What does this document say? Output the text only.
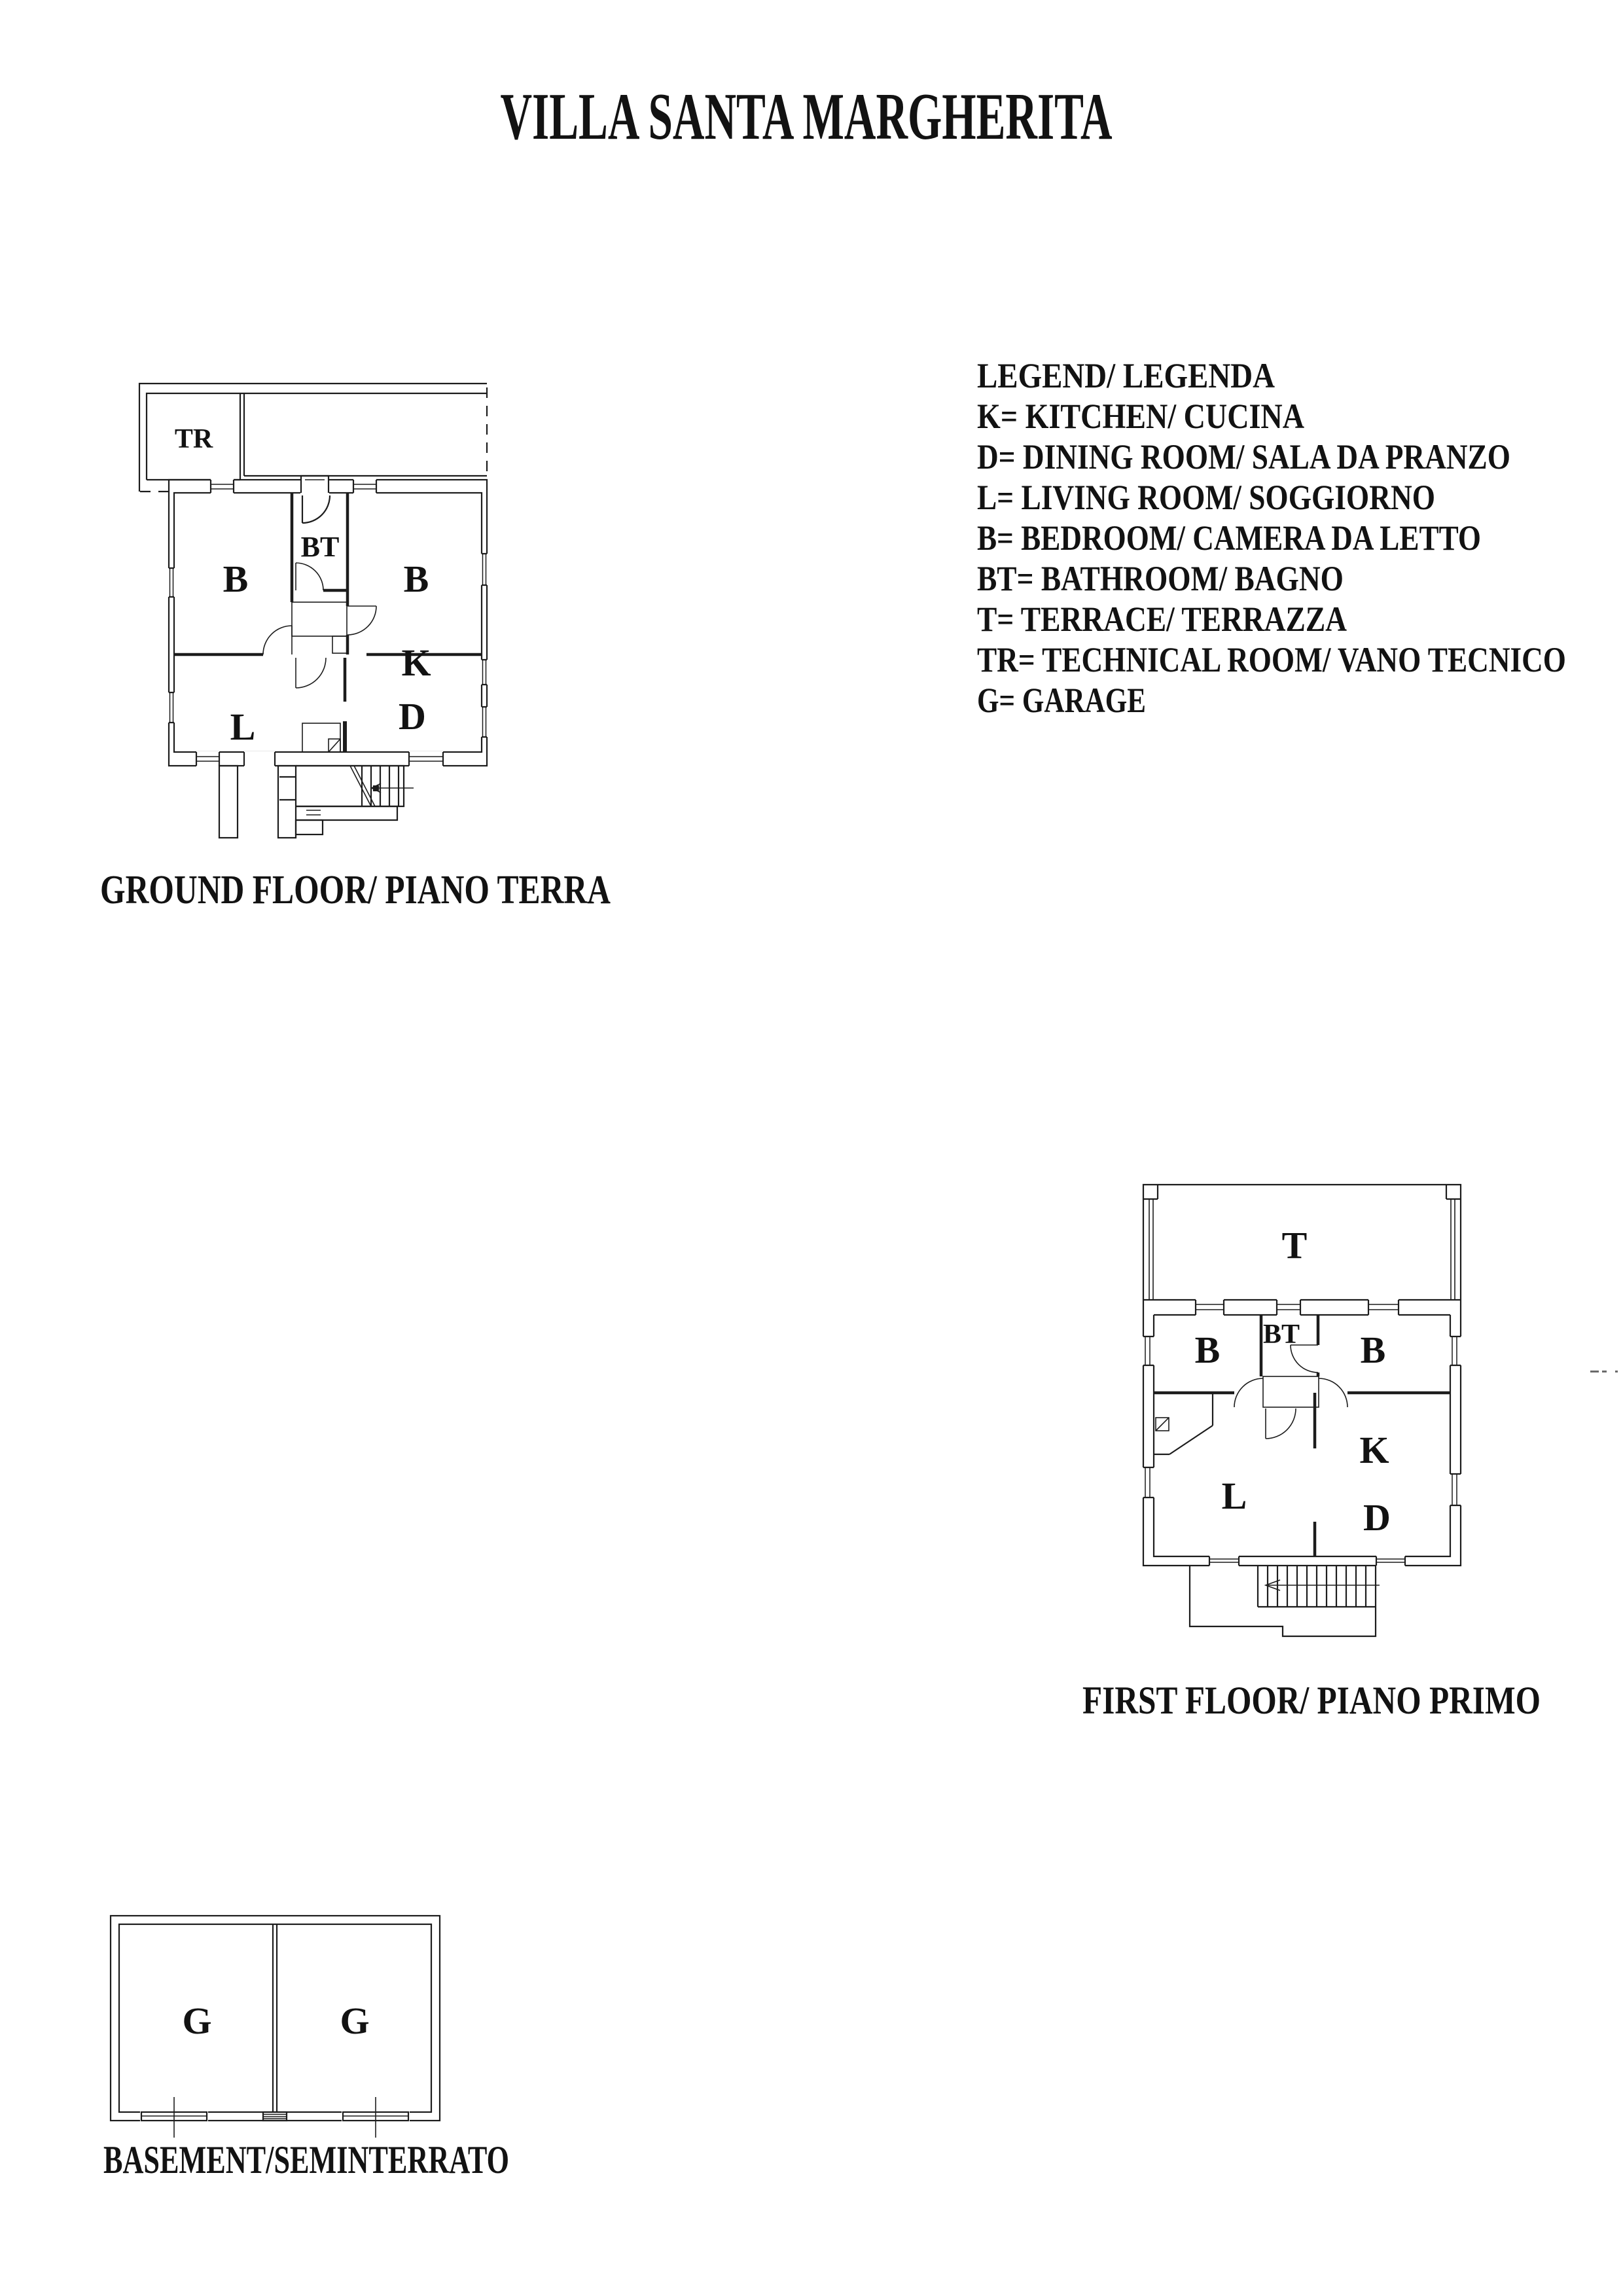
VILLA SANTA MARGHERITA
LEGEND/ LEGENDA
K= KITCHEN/ CUCINA
D= DINING ROOM/ SALA DA PRANZO
L= LIVING ROOM/ SOGGIORNO
B= BEDROOM/ CAMERA DA LETTO
BT= BATHROOM/ BAGNO
T= TERRACE/ TERRAZZA
TR= TECHNICAL ROOM/ VANO TECNICO
G= GARAGE
TR
B
BT
B
K
L	D
GROUND FLOOR/ PIANO TERRA
T
B BT B
K
L
D
FIRST FLOOR/ PIANO PRIMO
G	G
BASEMENT/SEMINTERRATO
